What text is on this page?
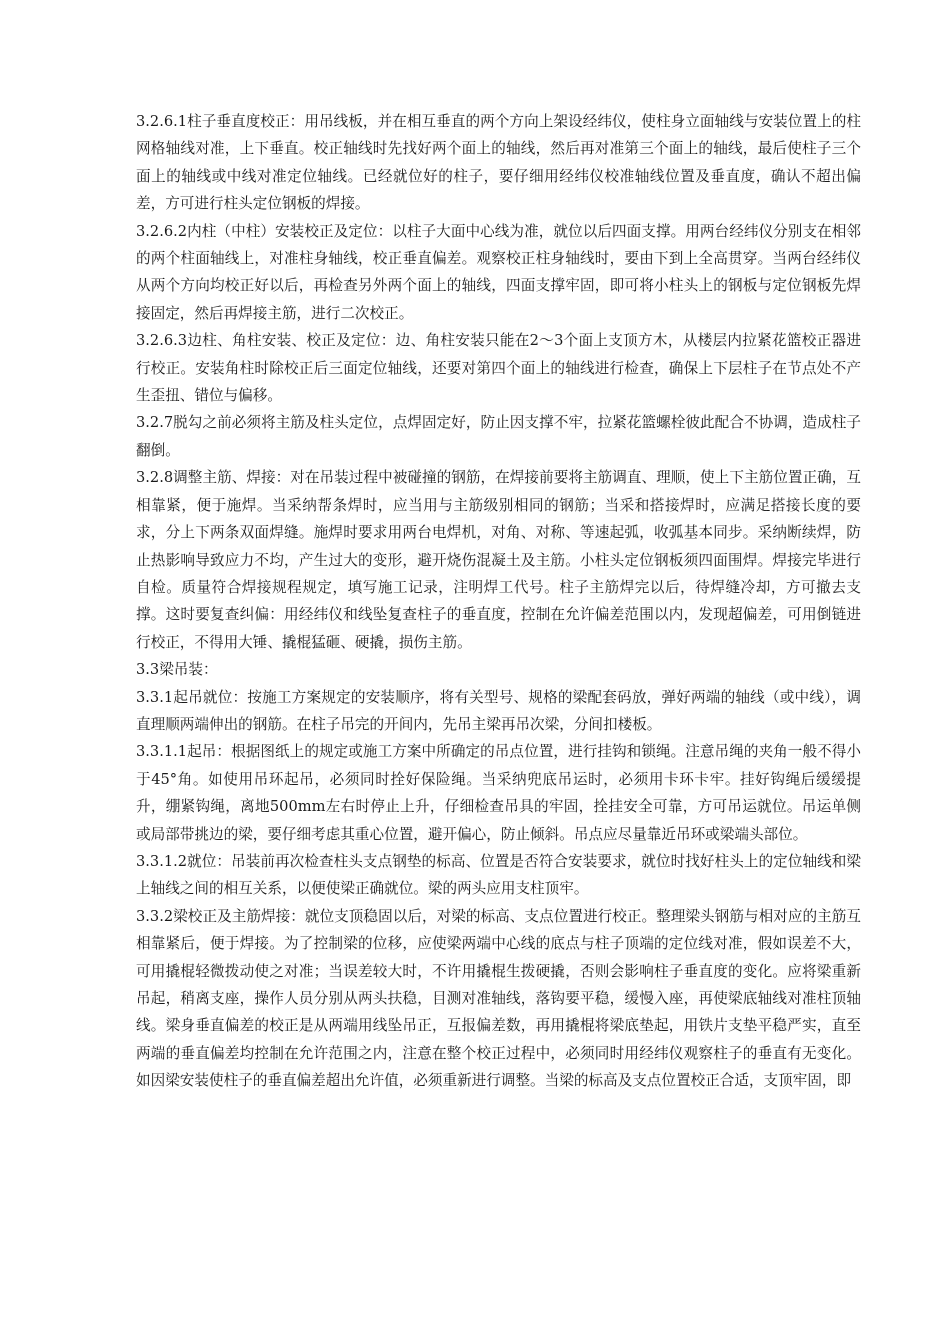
3.2.6.1柱子垂直度校正：用吊线板，并在相互垂直的两个方向上架设经纬仪，使柱身立面轴线与安装位置上的柱网格轴线对准，上下垂直。校正轴线时先找好两个面上的轴线，然后再对准第三个面上的轴线，最后使柱子三个面上的轴线或中线对准定位轴线。已经就位好的柱子，要仔细用经纬仪校准轴线位置及垂直度，确认不超出偏差，方可进行柱头定位钢板的焊接。

3.2.6.2内柱（中柱）安装校正及定位：以柱子大面中心线为准，就位以后四面支撑。用两台经纬仪分别支在相邻的两个柱面轴线上，对准柱身轴线，校正垂直偏差。观察校正柱身轴线时，要由下到上全高贯穿。当两台经纬仪从两个方向均校正好以后，再检查另外两个面上的轴线，四面支撑牢固，即可将小柱头上的钢板与定位钢板先焊接固定，然后再焊接主筋，进行二次校正。

3.2.6.3边柱、角柱安装、校正及定位：边、角柱安装只能在2～3个面上支顶方木，从楼层内拉紧花篮校正器进行校正。安装角柱时除校正后三面定位轴线，还要对第四个面上的轴线进行检查，确保上下层柱子在节点处不产生歪扭、错位与偏移。

3.2.7脱勾之前必须将主筋及柱头定位，点焊固定好，防止因支撑不牢，拉紧花篮螺栓彼此配合不协调，造成柱子翻倒。

3.2.8调整主筋、焊接：对在吊装过程中被碰撞的钢筋，在焊接前要将主筋调直、理顺，使上下主筋位置正确，互相靠紧，便于施焊。当采纳帮条焊时，应当用与主筋级别相同的钢筋；当采和搭接焊时，应满足搭接长度的要求，分上下两条双面焊缝。施焊时要求用两台电焊机，对角、对称、等速起弧，收弧基本同步。采纳断续焊，防止热影响导致应力不均，产生过大的变形，避开烧伤混凝土及主筋。小柱头定位钢板须四面围焊。焊接完毕进行自检。质量符合焊接规程规定，填写施工记录，注明焊工代号。柱子主筋焊完以后，待焊缝冷却，方可撤去支撑。这时要复查纠偏：用经纬仪和线坠复查柱子的垂直度，控制在允许偏差范围以内，发现超偏差，可用倒链进行校正，不得用大锤、撬棍猛砸、硬撬，损伤主筋。

3.3梁吊装：

3.3.1起吊就位：按施工方案规定的安装顺序，将有关型号、规格的梁配套码放，弹好两端的轴线（或中线），调直理顺两端伸出的钢筋。在柱子吊完的开间内，先吊主梁再吊次梁，分间扣楼板。

3.3.1.1起吊：根据图纸上的规定或施工方案中所确定的吊点位置，进行挂钩和锁绳。注意吊绳的夹角一般不得小于45°角。如使用吊环起吊，必须同时拴好保险绳。当采纳兜底吊运时，必须用卡环卡牢。挂好钩绳后缓缓提升，绷紧钩绳，离地500mm左右时停止上升，仔细检查吊具的牢固，拴挂安全可靠，方可吊运就位。吊运单侧或局部带挑边的梁，要仔细考虑其重心位置，避开偏心，防止倾斜。吊点应尽量靠近吊环或梁端头部位。

3.3.1.2就位：吊装前再次检查柱头支点钢垫的标高、位置是否符合安装要求，就位时找好柱头上的定位轴线和梁上轴线之间的相互关系，以便使梁正确就位。梁的两头应用支柱顶牢。

3.3.2梁校正及主筋焊接：就位支顶稳固以后，对梁的标高、支点位置进行校正。整理梁头钢筋与相对应的主筋互相靠紧后，便于焊接。为了控制梁的位移，应使梁两端中心线的底点与柱子顶端的定位线对准，假如误差不大，可用撬棍轻微拨动使之对准；当误差较大时，不许用撬棍生拨硬撬，否则会影响柱子垂直度的变化。应将梁重新吊起，稍离支座，操作人员分别从两头扶稳，目测对准轴线，落钩要平稳，缓慢入座，再使梁底轴线对准柱顶轴线。梁身垂直偏差的校正是从两端用线坠吊正，互报偏差数，再用撬棍将梁底垫起，用铁片支垫平稳严实，直至两端的垂直偏差均控制在允许范围之内，注意在整个校正过程中，必须同时用经纬仪观察柱子的垂直有无变化。如因梁安装使柱子的垂直偏差超出允许值，必须重新进行调整。当梁的标高及支点位置校正合适，支顶牢固，即
